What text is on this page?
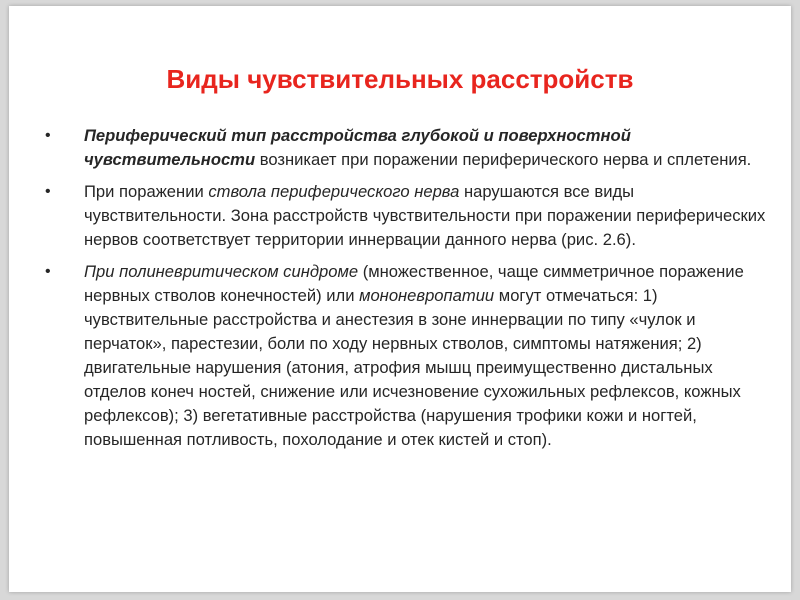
Виды чувствительных расстройств
• Периферический тип расстройства глубокой и поверхностной чувствительности возникает при поражении периферического нерва и сплетения.
• При поражении ствола периферического нерва нарушаются все виды чувствительности. Зона расстройств чувствительности при поражении периферических нервов соответствует территории иннервации данного нерва (рис. 2.6).
• При полиневритическом синдроме (множественное, чаще симметричное поражение нервных стволов конечностей) или мононевропатии могут отмечаться: 1) чувствительные расстройства и анестезия в зоне иннервации по типу «чулок и перчаток», парестезии, боли по ходу нервных стволов, симптомы натяжения; 2) двигательные нарушения (атония, атрофия мышц преимущественно дистальных отделов конеч ностей, снижение или исчезновение сухожильных рефлексов, кожных рефлексов); 3) вегетативные расстройства (нарушения трофики кожи и ногтей, повышенная потливость, похолодание и отек кистей и стоп).
